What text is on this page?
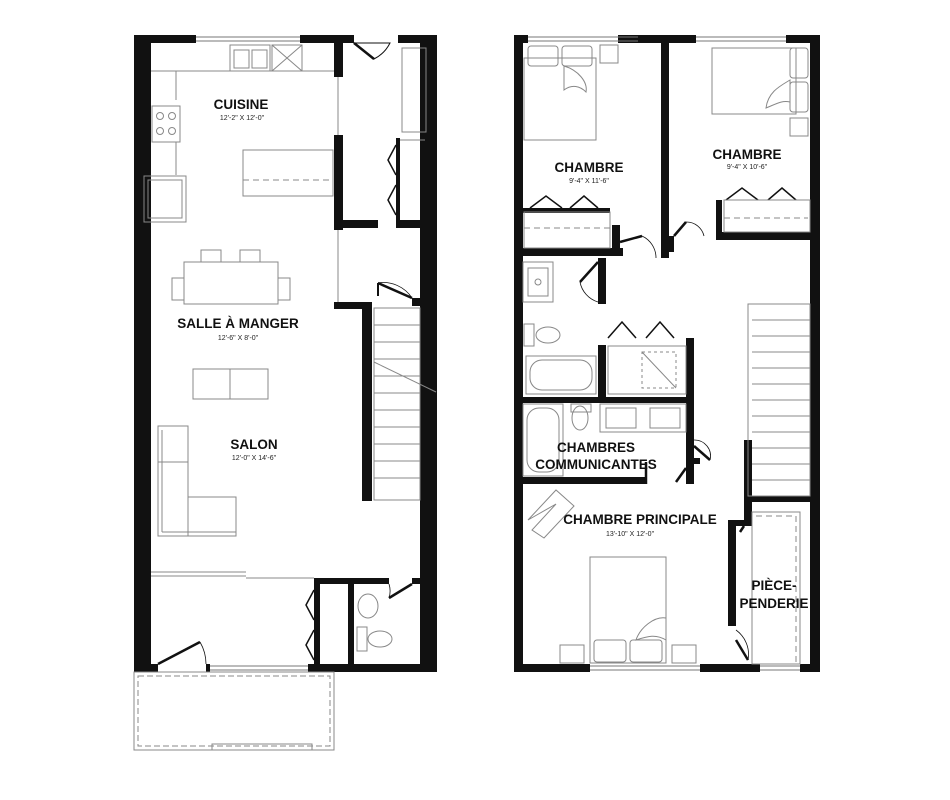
CUISINE
12'-2" X 12'-0"
SALLE À MANGER
12'-6" X 8'-0"
SALON
12'-0" X 14'-6"
CHAMBRE
9'-4" X 11'-6"
CHAMBRE
9'-4" X 10'-6"
CHAMBRES
COMMUNICANTES
CHAMBRE PRINCIPALE
13'-10" X 12'-0"
PIÈCE-
PENDERIE
